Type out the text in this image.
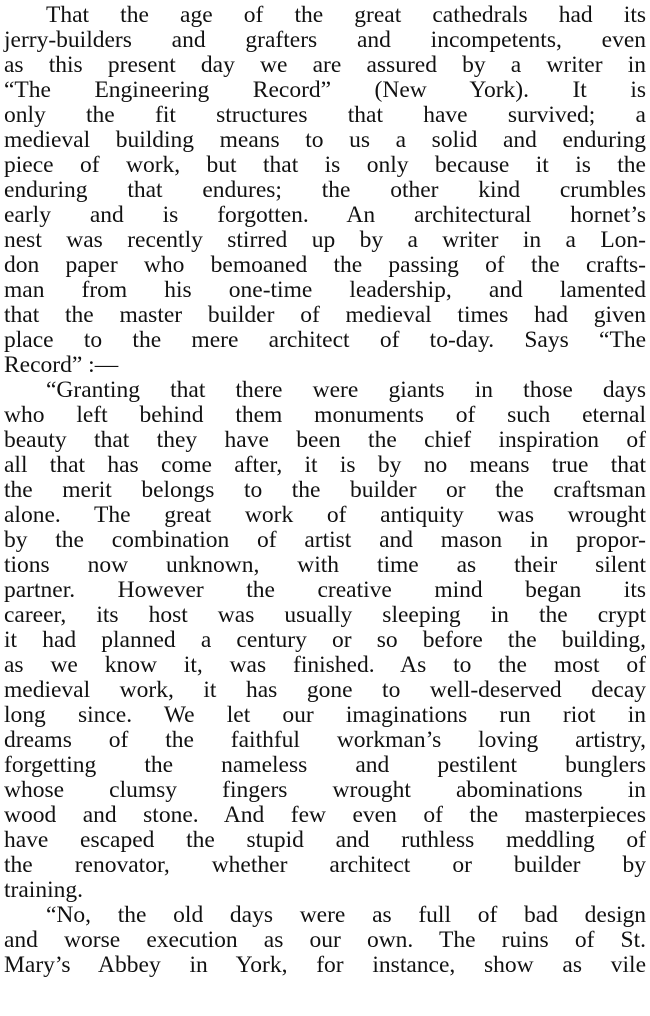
That the age of the great cathedrals had its
jerry-builders and grafters and incompetents, even
as this present day we are assured by a writer in
“The Engineering Record” (New York). It is
only the fit structures that have survived; a
medieval building means to us a solid and enduring
piece of work, but that is only because it is the
enduring that endures; the other kind crumbles
early and is forgotten. An architectural hornet’s
nest was recently stirred up by a writer in a Lon-
don paper who bemoaned the passing of the crafts-
man from his one-time leadership, and lamented
that the master builder of medieval times had given
place to the mere architect of to-day. Says “The
Record” :—
“Granting that there were giants in those days
who left behind them monuments of such eternal
beauty that they have been the chief inspiration of
all that has come after, it is by no means true that
the merit belongs to the builder or the craftsman
alone. The great work of antiquity was wrought
by the combination of artist and mason in propor-
tions now unknown, with time as their silent
partner. However the creative mind began its
career, its host was usually sleeping in the crypt
it had planned a century or so before the building,
as we know it, was finished. As to the most of
medieval work, it has gone to well-deserved decay
long since. We let our imaginations run riot in
dreams of the faithful workman’s loving artistry,
forgetting the nameless and pestilent bunglers
whose clumsy fingers wrought abominations in
wood and stone. And few even of the masterpieces
have escaped the stupid and ruthless meddling of
the renovator, whether architect or builder by
training.
“No, the old days were as full of bad design
and worse execution as our own. The ruins of St.
Mary’s Abbey in York, for instance, show as vile
